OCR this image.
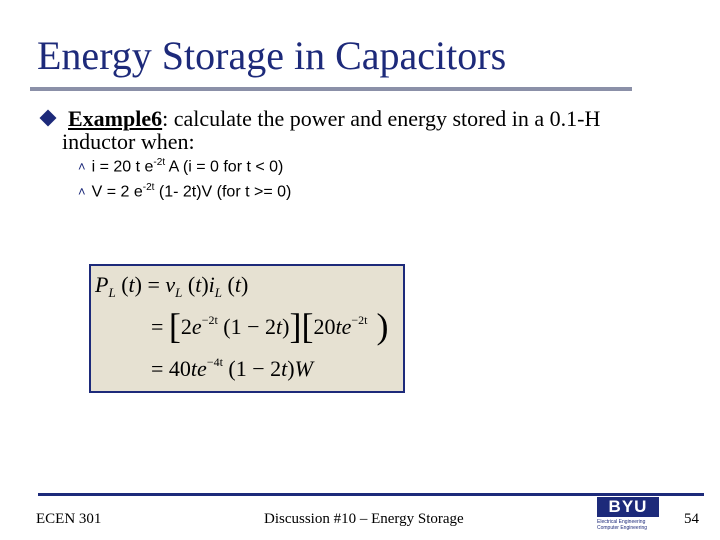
Energy Storage in Capacitors
Example6: calculate the power and energy stored in a 0.1-H
inductor when:
˄ i = 20 t $e^{-2t}$ A (i = 0 for t < 0)
˄ V = 2 $e^{-2t}$ (1- 2t)V (for t >= 0)
$P_L$ $(t) = v_L$ $(t)i_L$ (t)
= [$2e^{-2t}$ $(1 - 2t)][20te^{-2t}$ )
= $40te^{-4t}$ (1 − 2t)W
ECEN 301	Discussion #10 – Energy Storage
BYU
Electrical Engineering Computer Engineering
54
